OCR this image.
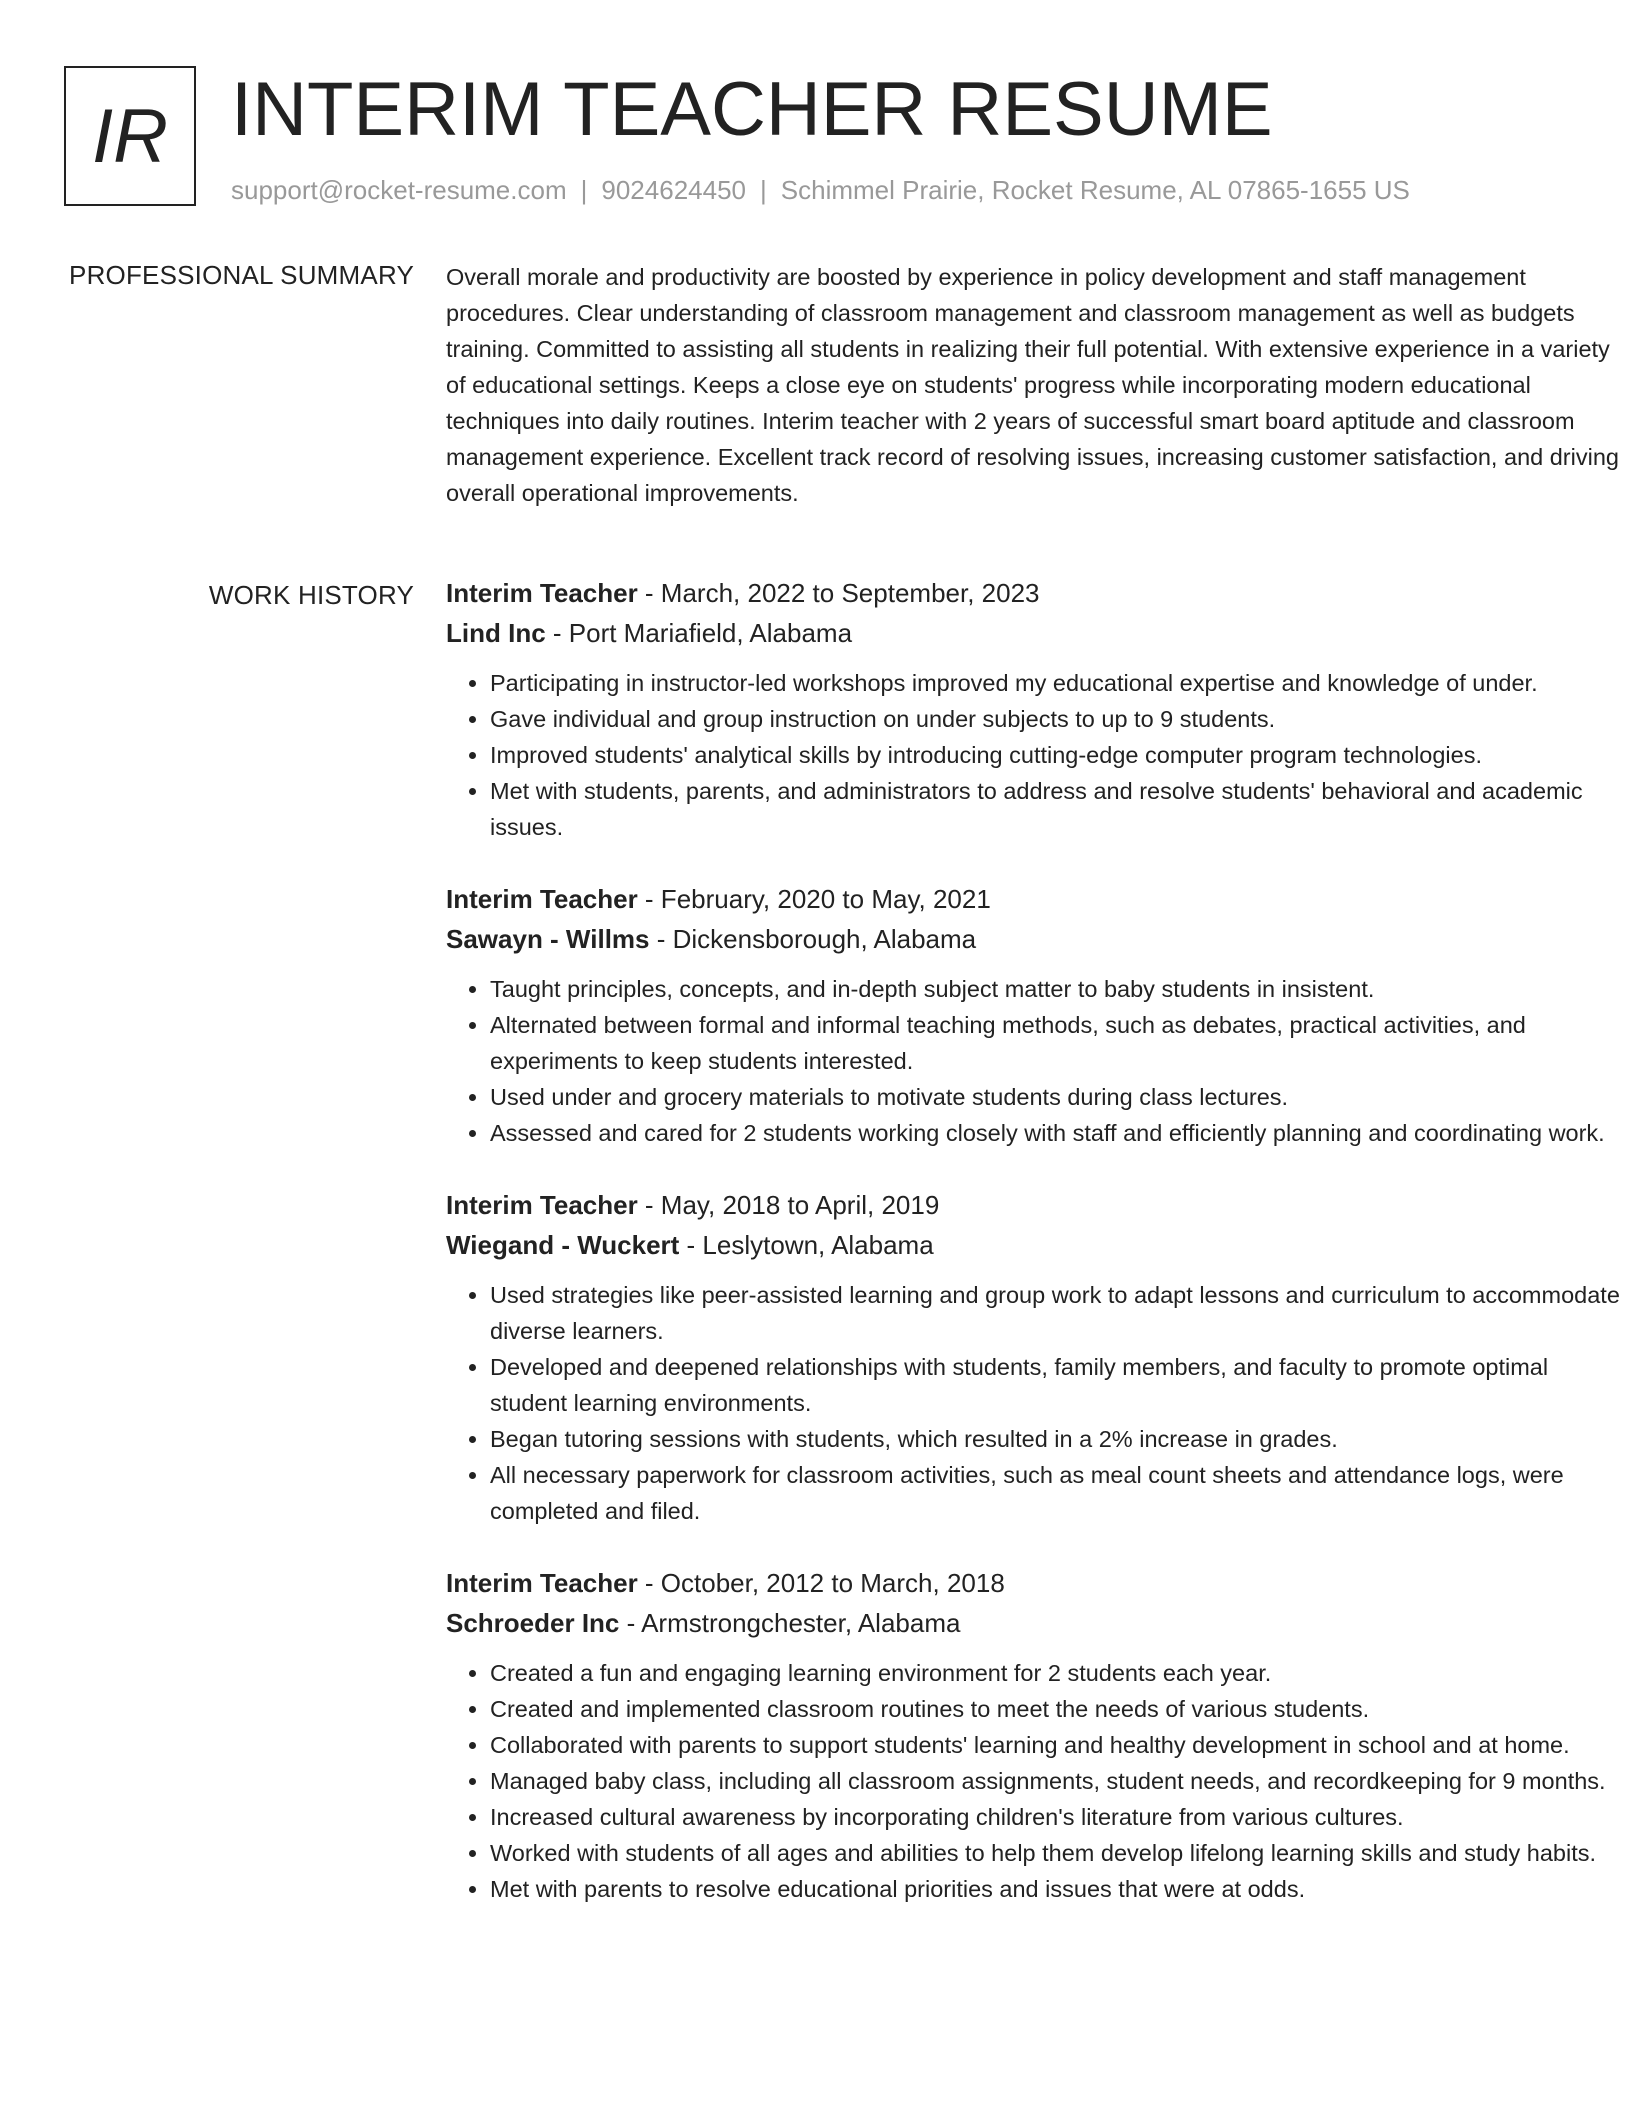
IR INTERIM TEACHER RESUME
support@rocket-resume.com | 9024624450 | Schimmel Prairie, Rocket Resume, AL 07865-1655 US
PROFESSIONAL SUMMARY Overall morale and productivity are boosted by experience in policy development and staff management procedures. Clear understanding of classroom management and classroom management as well as budgets training. Committed to assisting all students in realizing their full potential. With extensive experience in a variety of educational settings. Keeps a close eye on students' progress while incorporating modern educational techniques into daily routines. Interim teacher with 2 years of successful smart board aptitude and classroom management experience. Excellent track record of resolving issues, increasing customer satisfaction, and driving overall operational improvements.

WORK HISTORY Interim Teacher - March, 2022 to September, 2023

Lind Inc - Port Mariafield, Alabama

• Participating in instructor-led workshops improved my educational expertise and knowledge of under.
• Gave individual and group instruction on under subjects to up to 9 students.
• Improved students' analytical skills by introducing cutting-edge computer program technologies.
• Met with students, parents, and administrators to address and resolve students' behavioral and academic issues.

Interim Teacher - February, 2020 to May, 2021

Sawayn - Willms - Dickensborough, Alabama

• Taught principles, concepts, and in-depth subject matter to baby students in insistent.
• Alternated between formal and informal teaching methods, such as debates, practical activities, and experiments to keep students interested.
• Used under and grocery materials to motivate students during class lectures.
• Assessed and cared for 2 students working closely with staff and efficiently planning and coordinating work.

Interim Teacher - May, 2018 to April, 2019

Wiegand - Wuckert - Leslytown, Alabama

• Used strategies like peer-assisted learning and group work to adapt lessons and curriculum to accommodate diverse learners.
• Developed and deepened relationships with students, family members, and faculty to promote optimal student learning environments.
• Began tutoring sessions with students, which resulted in a 2% increase in grades.
• All necessary paperwork for classroom activities, such as meal count sheets and attendance logs, were completed and filed.

Interim Teacher - October, 2012 to March, 2018

Schroeder Inc - Armstrongchester, Alabama

• Created a fun and engaging learning environment for 2 students each year.
• Created and implemented classroom routines to meet the needs of various students.
• Collaborated with parents to support students' learning and healthy development in school and at home.
• Managed baby class, including all classroom assignments, student needs, and recordkeeping for 9 months.
• Increased cultural awareness by incorporating children's literature from various cultures.
• Worked with students of all ages and abilities to help them develop lifelong learning skills and study habits.
• Met with parents to resolve educational priorities and issues that were at odds.
